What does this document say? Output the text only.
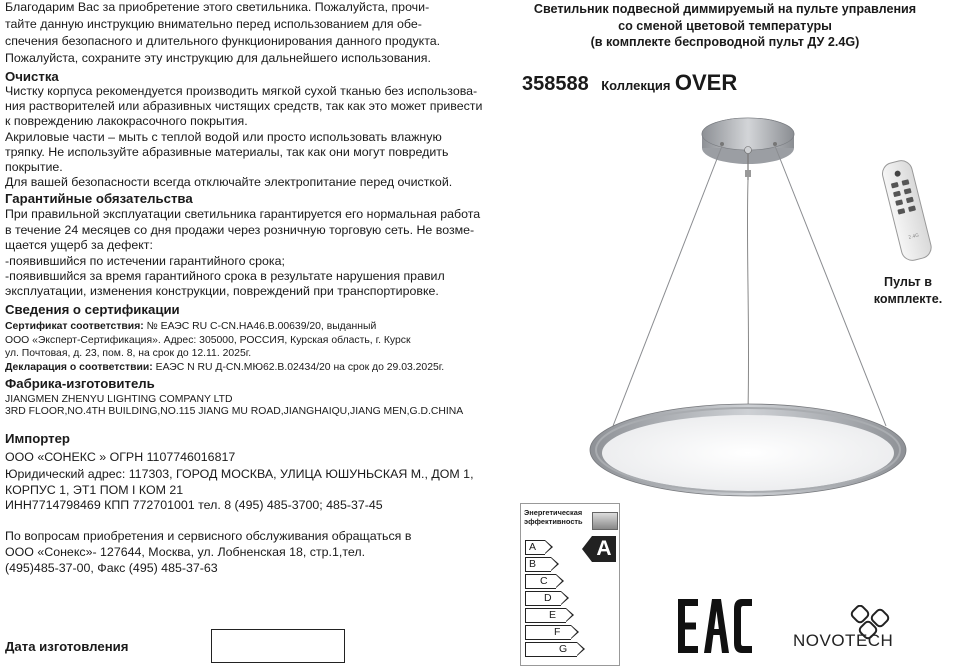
Благодарим Вас за приобретение этого светильника. Пожалуйста, прочи-
тайте данную инструкцию внимательно перед использованием для обе-
спечения безопасного и длительного функционирования данного продукта.
Пожалуйста, сохраните эту инструкцию для дальнейшего использования.
Очистка
Чистку корпуса рекомендуется производить мягкой сухой тканью без использова-
ния растворителей или абразивных чистящих средств, так как это может привести
к повреждению лакокрасочного покрытия.
Акриловые части – мыть с теплой водой или просто использовать влажную
тряпку. Не используйте абразивные материалы, так как они могут повредить
покрытие.
Для вашей безопасности всегда отключайте электропитание перед очисткой.
Гарантийные обязательства
При правильной эксплуатации светильника гарантируется его нормальная работа
в течение 24 месяцев со дня продажи через розничную торговую сеть. Не возме-
щается ущерб за дефект:
-появившийся по истечении гарантийного срока;
-появившийся за время гарантийного срока в результате нарушения правил
эксплуатации, изменения конструкции, повреждений при транспортировке.
Сведения о сертификации
Сертификат соответствия: № ЕАЭС RU С-CN.НА46.В.00639/20, выданный
ООО «Эксперт-Сертификация». Адрес: 305000, РОССИЯ, Курская область, г. Курск
ул. Почтовая, д. 23, пом. 8, на срок до 12.11. 2025г.
Декларация о соответствии: ЕАЭС N RU Д-CN.МЮ62.В.02434/20 на срок до 29.03.2025г.
Фабрика-изготовитель
JIANGMEN ZHENYU LIGHTING COMPANY LTD
3RD FLOOR,NO.4TH BUILDING,NO.115 JIANG MU ROAD,JIANGHAIQU,JIANG MEN,G.D.CHINA
Импортер
ООО «СОНЕКС » ОГРН 1107746016817
Юридический адрес: 117303, ГОРОД МОСКВА, УЛИЦА ЮШУНЬСКАЯ М., ДОМ 1,
КОРПУС 1, ЭТ1 ПОМ I КОМ 21
ИНН7714798469 КПП 772701001 тел. 8 (495) 485-3700; 485-37-45
По вопросам приобретения и сервисного обслуживания обращаться в
ООО «Сонекс»- 127644, Москва, ул. Лобненская 18, стр.1,тел.
(495)485-37-00, Факс (495) 485-37-63
Дата изготовления
Светильник подвесной диммируемый на пульте управления
со сменой цветовой температуры
(в комплекте беспроводной пульт ДУ 2.4G)
358588 Коллекция OVER
2.4G
Пульт в
комплекте.
Энергетическая
эффективность
A
A
B
C
D
E
F
G	NOVOTECH
